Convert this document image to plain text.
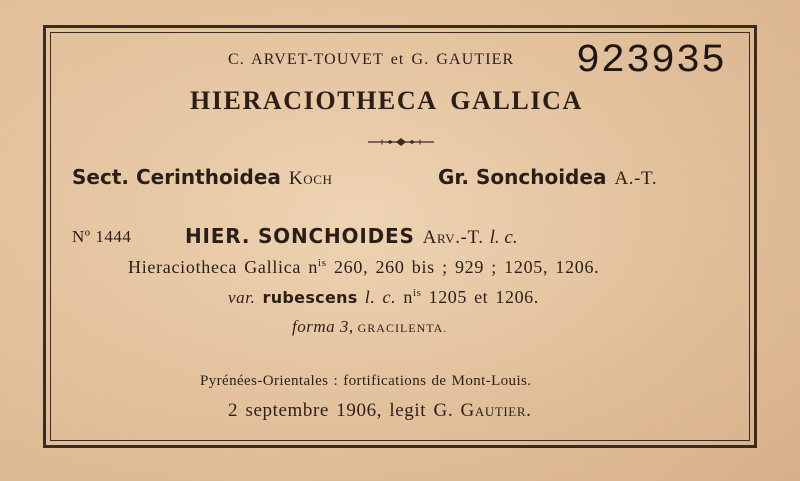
C. ARVET-TOUVET et G. GAUTIER 923935
HIERACIOTHECA GALLICA
Sect. Cerinthoidea Koch	Gr. Sonchoidea A.-T.
Nº 1444	HIER. SONCHOIDES Arv.-T. l. c.
Hieraciotheca Gallica $n^{is}$ 260, 260 bis ; 929 ; 1205, 1206.
var. rubescens l. c. $n^{is}$ 1205 et 1206.
forma 3, GRACILENTA.
Pyrénées-Orientales : fortifications de Mont-Louis.
2 septembre 1906, legit G. Gautier.
